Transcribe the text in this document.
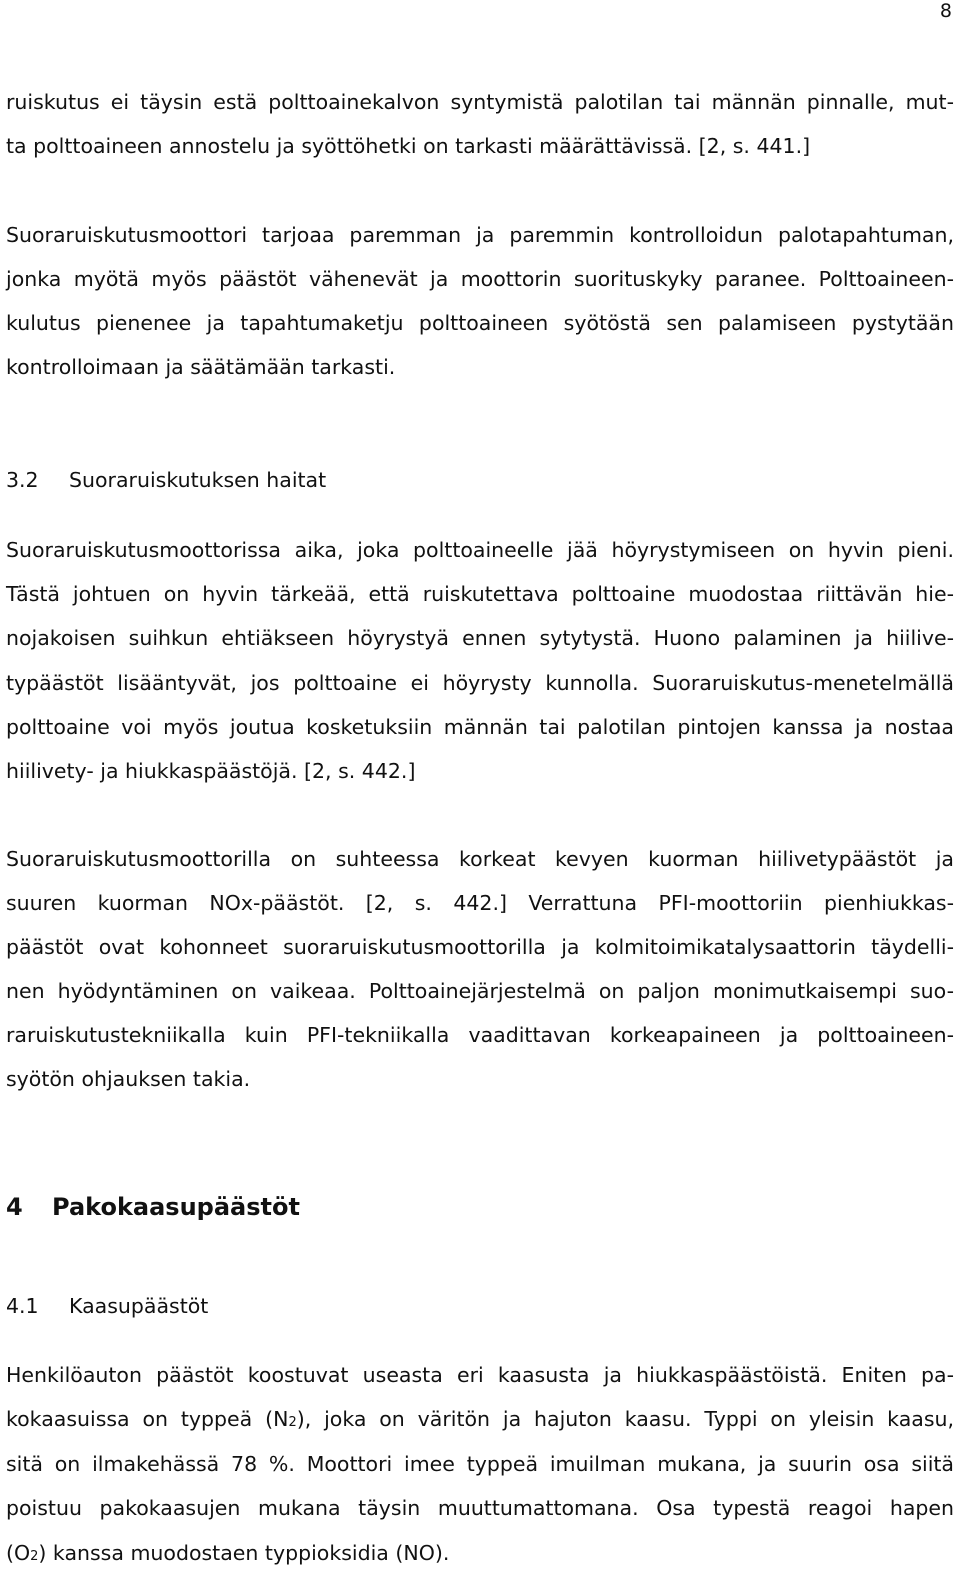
8
ruiskutus ei täysin estä polttoainekalvon syntymistä palotilan tai männän pinnalle, mut-
ta polttoaineen annostelu ja syöttöhetki on tarkasti määrättävissä. [2, s. 441.]
Suoraruiskutusmoottori tarjoaa paremman ja paremmin kontrolloidun palotapahtuman,
jonka myötä myös päästöt vähenevät ja moottorin suorituskyky paranee. Polttoaineen-
kulutus pienenee ja tapahtumaketju polttoaineen syötöstä sen palamiseen pystytään
kontrolloimaan ja säätämään tarkasti.
3.2 Suoraruiskutuksen haitat
Suoraruiskutusmoottorissa aika, joka polttoaineelle jää höyrystymiseen on hyvin pieni.
Tästä johtuen on hyvin tärkeää, että ruiskutettava polttoaine muodostaa riittävän hie-
nojakoisen suihkun ehtiäkseen höyrystyä ennen sytytystä. Huono palaminen ja hiilive-
typäästöt lisääntyvät, jos polttoaine ei höyrysty kunnolla. Suoraruiskutus-menetelmällä
polttoaine voi myös joutua kosketuksiin männän tai palotilan pintojen kanssa ja nostaa
hiilivety- ja hiukkaspäästöjä. [2, s. 442.]
Suoraruiskutusmoottorilla on suhteessa korkeat kevyen kuorman hiilivetypäästöt ja
suuren kuorman NOx-päästöt. [2, s. 442.] Verrattuna PFI-moottoriin pienhiukkas-
päästöt ovat kohonneet suoraruiskutusmoottorilla ja kolmitoimikatalysaattorin täydelli-
nen hyödyntäminen on vaikeaa. Polttoainejärjestelmä on paljon monimutkaisempi suo-
raruiskutustekniikalla kuin PFI-tekniikalla vaadittavan korkeapaineen ja polttoaineen-
syötön ohjauksen takia.
4 Pakokaasupäästöt
4.1 Kaasupäästöt
Henkilöauton päästöt koostuvat useasta eri kaasusta ja hiukkaspäästöistä. Eniten pa-
kokaasuissa on typpeä (N2), joka on väritön ja hajuton kaasu. Typpi on yleisin kaasu,
sitä on ilmakehässä 78 %. Moottori imee typpeä imuilman mukana, ja suurin osa siitä
poistuu pakokaasujen mukana täysin muuttumattomana. Osa typestä reagoi hapen
(O2) kanssa muodostaen typpioksidia (NO).
